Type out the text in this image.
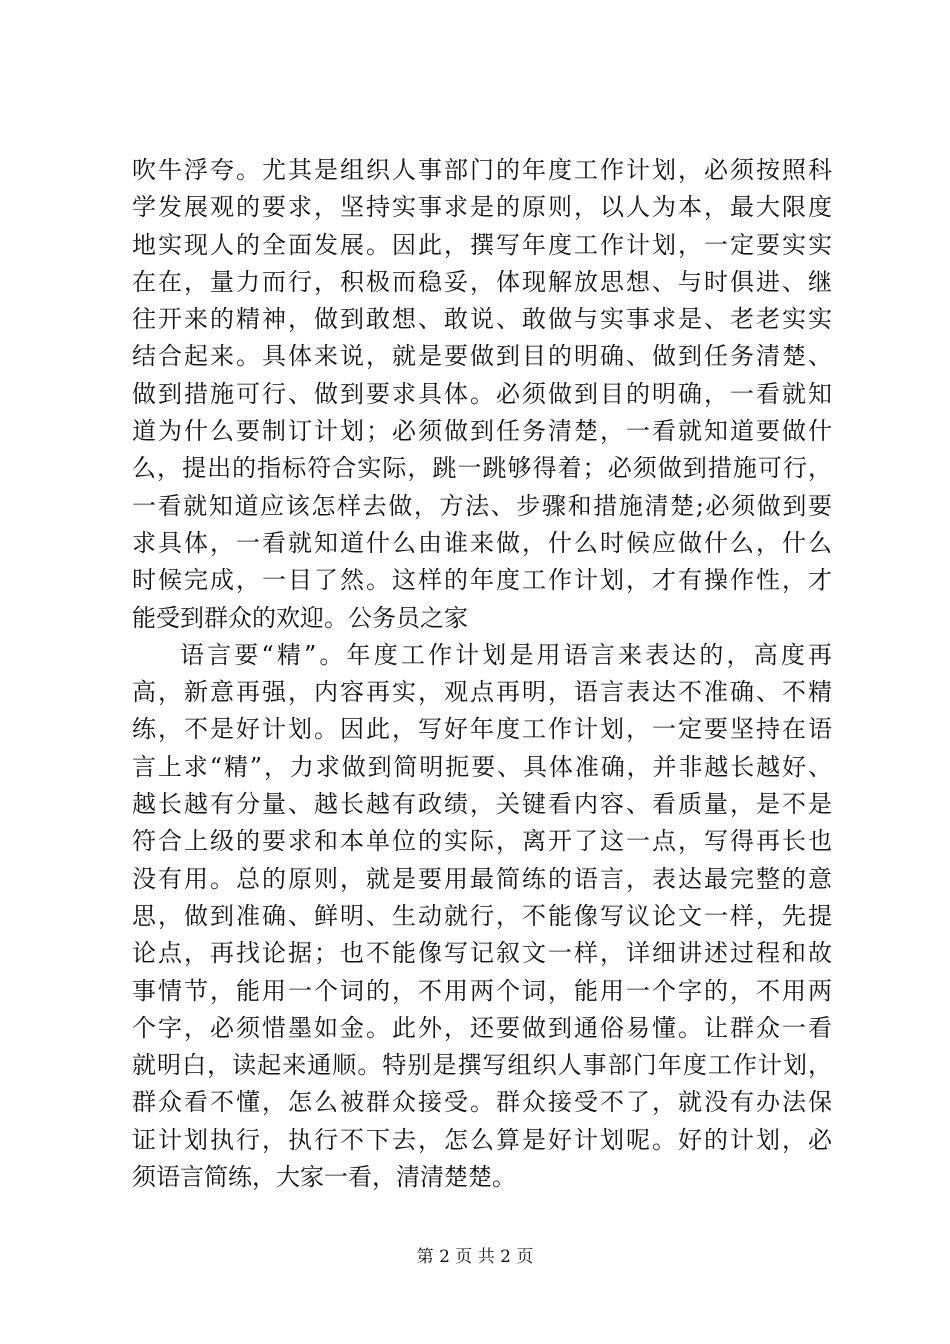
吹牛浮夸。尤其是组织人事部门的年度工作计划，必须按照科
学发展观的要求，坚持实事求是的原则，以人为本，最大限度
地实现人的全面发展。因此，撰写年度工作计划，一定要实实
在在，量力而行，积极而稳妥，体现解放思想、与时俱进、继
往开来的精神，做到敢想、敢说、敢做与实事求是、老老实实
结合起来。具体来说，就是要做到目的明确、做到任务清楚、
做到措施可行、做到要求具体。必须做到目的明确，一看就知
道为什么要制订计划；必须做到任务清楚，一看就知道要做什
么，提出的指标符合实际，跳一跳够得着；必须做到措施可行，
一看就知道应该怎样去做，方法、步骤和措施清楚;必须做到要
求具体，一看就知道什么由谁来做，什么时候应做什么，什么
时候完成，一目了然。这样的年度工作计划，才有操作性，才
能受到群众的欢迎。公务员之家
语言要“精”。年度工作计划是用语言来表达的，高度再
高，新意再强，内容再实，观点再明，语言表达不准确、不精
练，不是好计划。因此，写好年度工作计划，一定要坚持在语
言上求“精”，力求做到简明扼要、具体准确，并非越长越好、
越长越有分量、越长越有政绩，关键看内容、看质量，是不是
符合上级的要求和本单位的实际，离开了这一点，写得再长也
没有用。总的原则，就是要用最简练的语言，表达最完整的意
思，做到准确、鲜明、生动就行，不能像写议论文一样，先提
论点，再找论据；也不能像写记叙文一样，详细讲述过程和故
事情节，能用一个词的，不用两个词，能用一个字的，不用两
个字，必须惜墨如金。此外，还要做到通俗易懂。让群众一看
就明白，读起来通顺。特别是撰写组织人事部门年度工作计划，
群众看不懂，怎么被群众接受。群众接受不了，就没有办法保
证计划执行，执行不下去，怎么算是好计划呢。好的计划，必
须语言简练，大家一看，清清楚楚。
第 2 页 共 2 页
